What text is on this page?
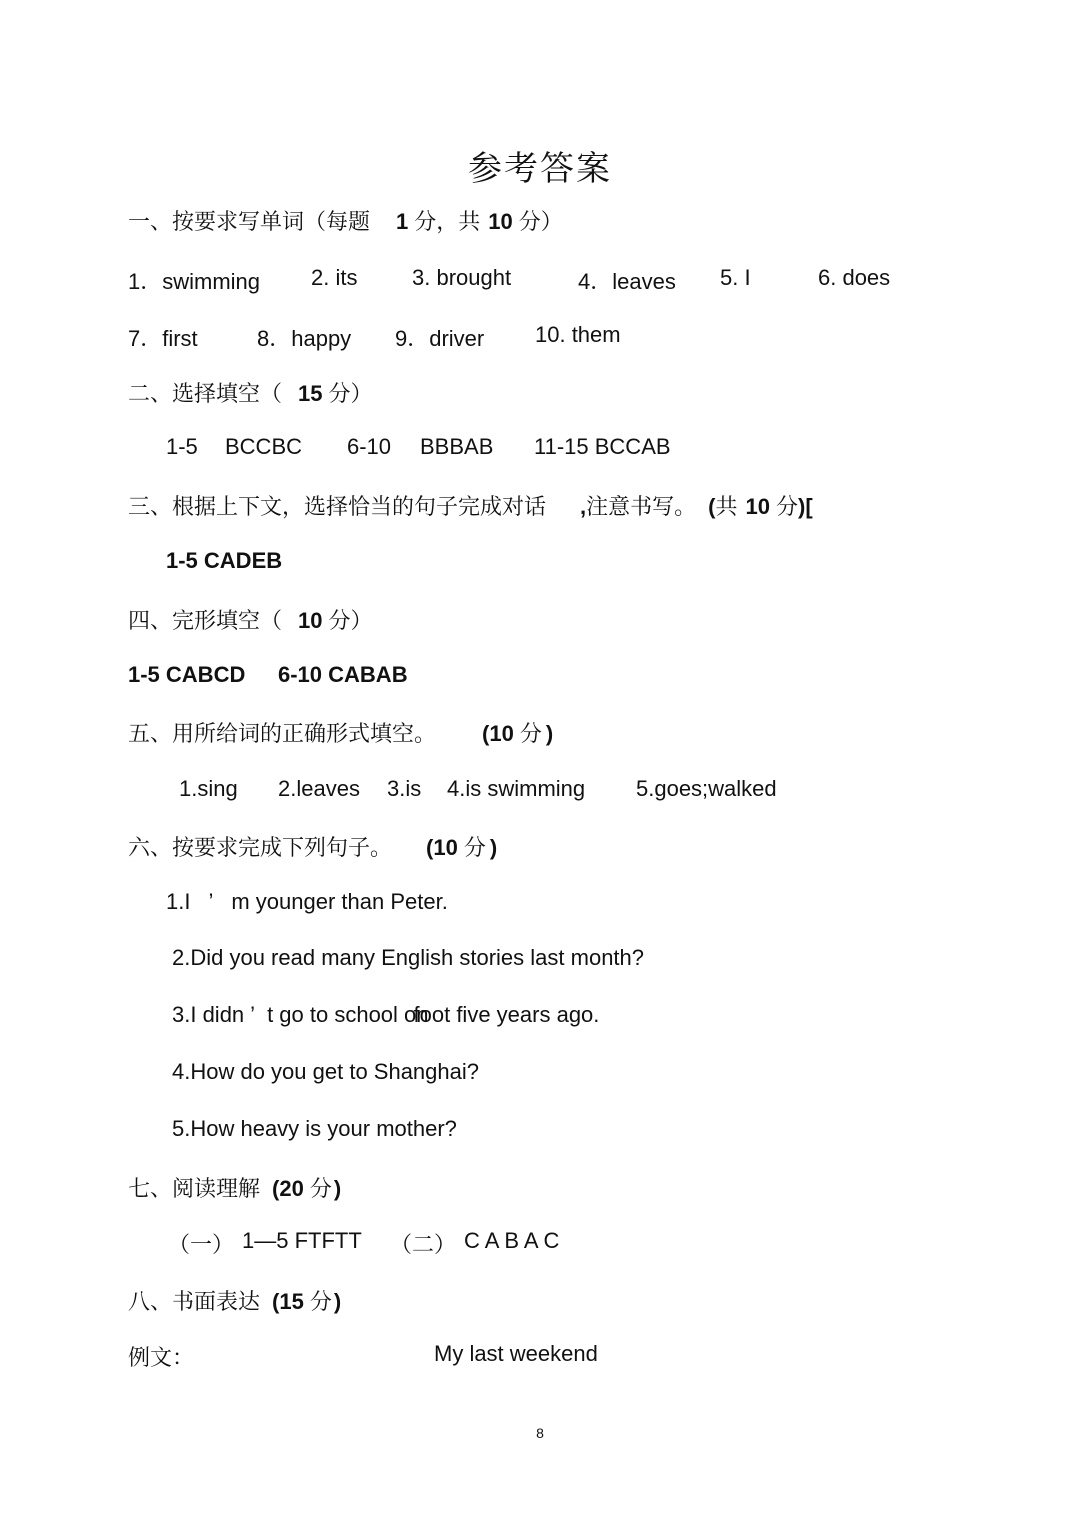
参考答案
一、按要求写单词（每题 1 分，共 10 分）
1．swimming 2. its 3. brought	4．leaves 5. I	6. does
7．first	8．happy 9．driver 10. them
二、选择填空（ 15 分）
1-5 BCCBC 6-10 BBBAB 11-15 BCCAB
三、根据上下文，选择恰当的句子完成对话 ,注意书写。 (共 10 分)[
1-5 CADEB
四、完形填空（ 10 分）
1-5 CABCD 6-10 CABAB
五、用所给词的正确形式填空。 (10 分 )
1.sing 2.leaves 3.is 4.is swimming 5.goes;walked
六、按要求完成下列句子。 (10 分 )
1.I ’ m younger than Peter.
2.Did you read many English stories last month?
3.I didn ’ t go to school onfoot five years ago.
4.How do you get to Shanghai?
5.How heavy is your mother?
七、阅读理解 (20 分)
（一） 1—5 FTFTT （二） C A B A C
八、书面表达 (15 分)
例文：	My last weekend
8
